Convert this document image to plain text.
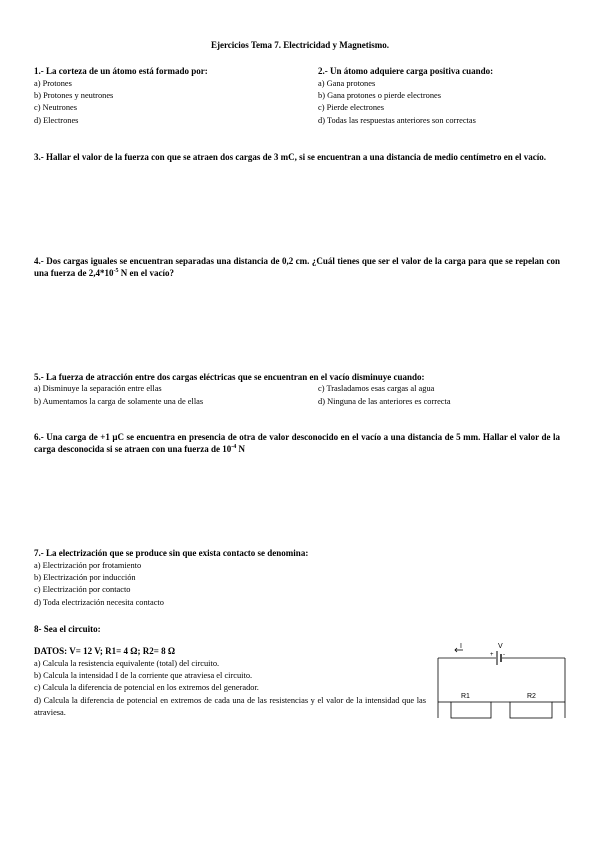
Ejercicios Tema 7. Electricidad y Magnetismo.
1.- La corteza de un átomo está formado por:
a) Protones
b) Protones y neutrones
c) Neutrones
d) Electrones
2.- Un átomo adquiere carga positiva cuando:
a) Gana protones
b) Gana protones o pierde electrones
c) Pierde electrones
d) Todas las respuestas anteriores son correctas
3.- Hallar el valor de la fuerza con que se atraen dos cargas de 3 mC, si se encuentran a una distancia de medio centímetro en el vacío.
4.- Dos cargas iguales se encuentran separadas una distancia de 0,2 cm. ¿Cuál tienes que ser el valor de la carga para que se repelan con una fuerza de $2,4*10^{-5}$ N en el vacío?
5.- La fuerza de atracción entre dos cargas eléctricas que se encuentran en el vacío disminuye cuando:
a) Disminuye la separación entre ellas	c) Trasladamos esas cargas al agua
b) Aumentamos la carga de solamente una de ellas	d) Ninguna de las anteriores es correcta
6.- Una carga de +1 μC se encuentra en presencia de otra de valor desconocido en el vacío a una distancia de 5 mm. Hallar el valor de la carga desconocida si se atraen con una fuerza de $10^{-4}$ N
7.- La electrización que se produce sin que exista contacto se denomina:
a) Electrización por frotamiento
b) Electrización por inducción
c) Electrización por contacto
d) Toda electrización necesita contacto
8- Sea el circuito:
DATOS: V= 12 V; R1= 4 Ω; R2= 8 Ω
a) Calcula la resistencia equivalente (total) del circuito.
b) Calcula la intensidad I de la corriente que atraviesa el circuito.
c) Calcula la diferencia de potencial en los extremos del generador.
d) Calcula la diferencia de potencial en extremos de cada una de las resistencias y el valor de la intensidad que las atraviesa.
I
+ -
V
R1	R2
